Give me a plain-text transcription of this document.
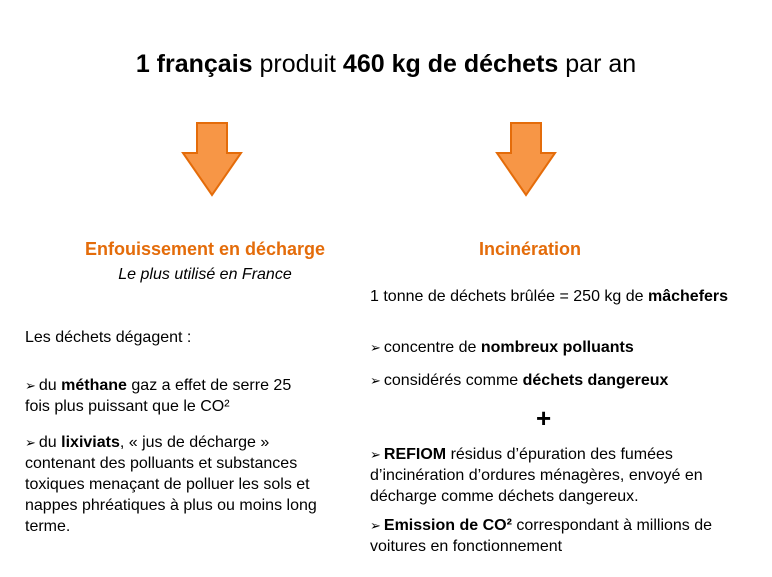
1 français produit 460 kg de déchets par an
Enfouissement en décharge
Le plus utilisé en France
Les déchets dégagent :
➢ du méthane gaz a effet de serre 25
fois plus puissant que le CO²
➢ du lixiviats, « jus de décharge »
contenant des polluants et substances
toxiques menaçant de polluer les sols et
nappes phréatiques à plus ou moins long
terme.
Incinération
1 tonne de déchets brûlée = 250 kg de mâchefers
➢ concentre de nombreux polluants
➢ considérés comme déchets dangereux
+
➢ REFIOM résidus d’épuration des fumées
d’incinération d’ordures ménagères, envoyé en
décharge comme déchets dangereux.
➢ Emission de CO² correspondant à millions de
voitures en fonctionnement
